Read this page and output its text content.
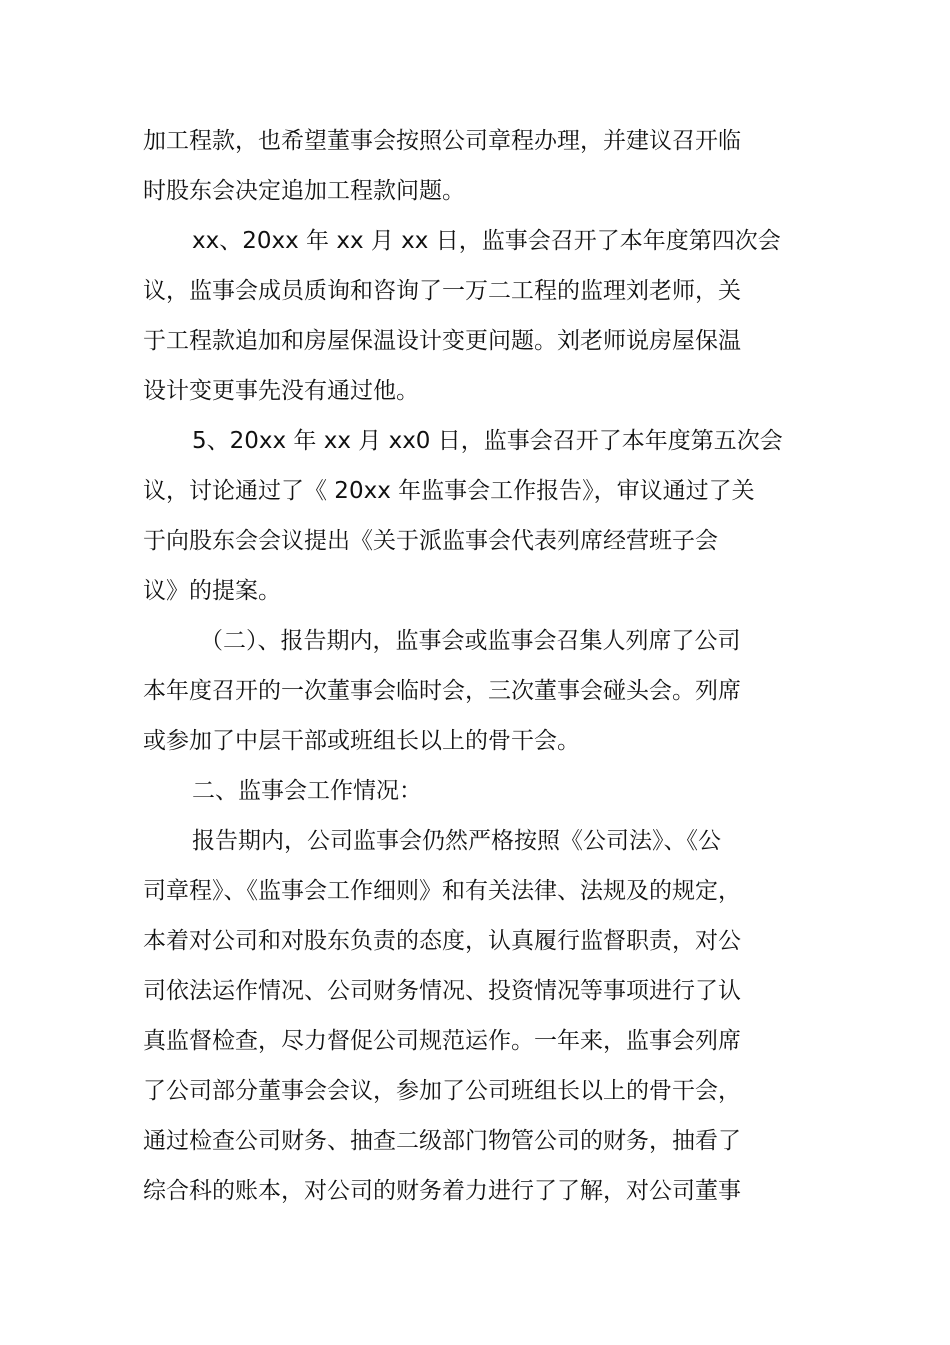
加工程款，也希望董事会按照公司章程办理，并建议召开临

时股东会决定追加工程款问题。

xx、20xx 年 xx 月 xx 日，监事会召开了本年度第四次会

议，监事会成员质询和咨询了一万二工程的监理刘老师，关

于工程款追加和房屋保温设计变更问题。刘老师说房屋保温

设计变更事先没有通过他。

5、20xx 年 xx 月 xx0 日，监事会召开了本年度第五次会

议，讨论通过了《 20xx 年监事会工作报告》，审议通过了关

于向股东会会议提出《关于派监事会代表列席经营班子会

议》的提案。

（二）、报告期内，监事会或监事会召集人列席了公司

本年度召开的一次董事会临时会，三次董事会碰头会。列席

或参加了中层干部或班组长以上的骨干会。

二、监事会工作情况：

报告期内，公司监事会仍然严格按照《公司法》、《公

司章程》、《监事会工作细则》和有关法律、法规及的规定，

本着对公司和对股东负责的态度，认真履行监督职责，对公

司依法运作情况、公司财务情况、投资情况等事项进行了认

真监督检查，尽力督促公司规范运作。一年来，监事会列席

了公司部分董事会会议，参加了公司班组长以上的骨干会，

通过检查公司财务、抽查二级部门物管公司的财务，抽看了

综合科的账本，对公司的财务着力进行了了解，对公司董事
